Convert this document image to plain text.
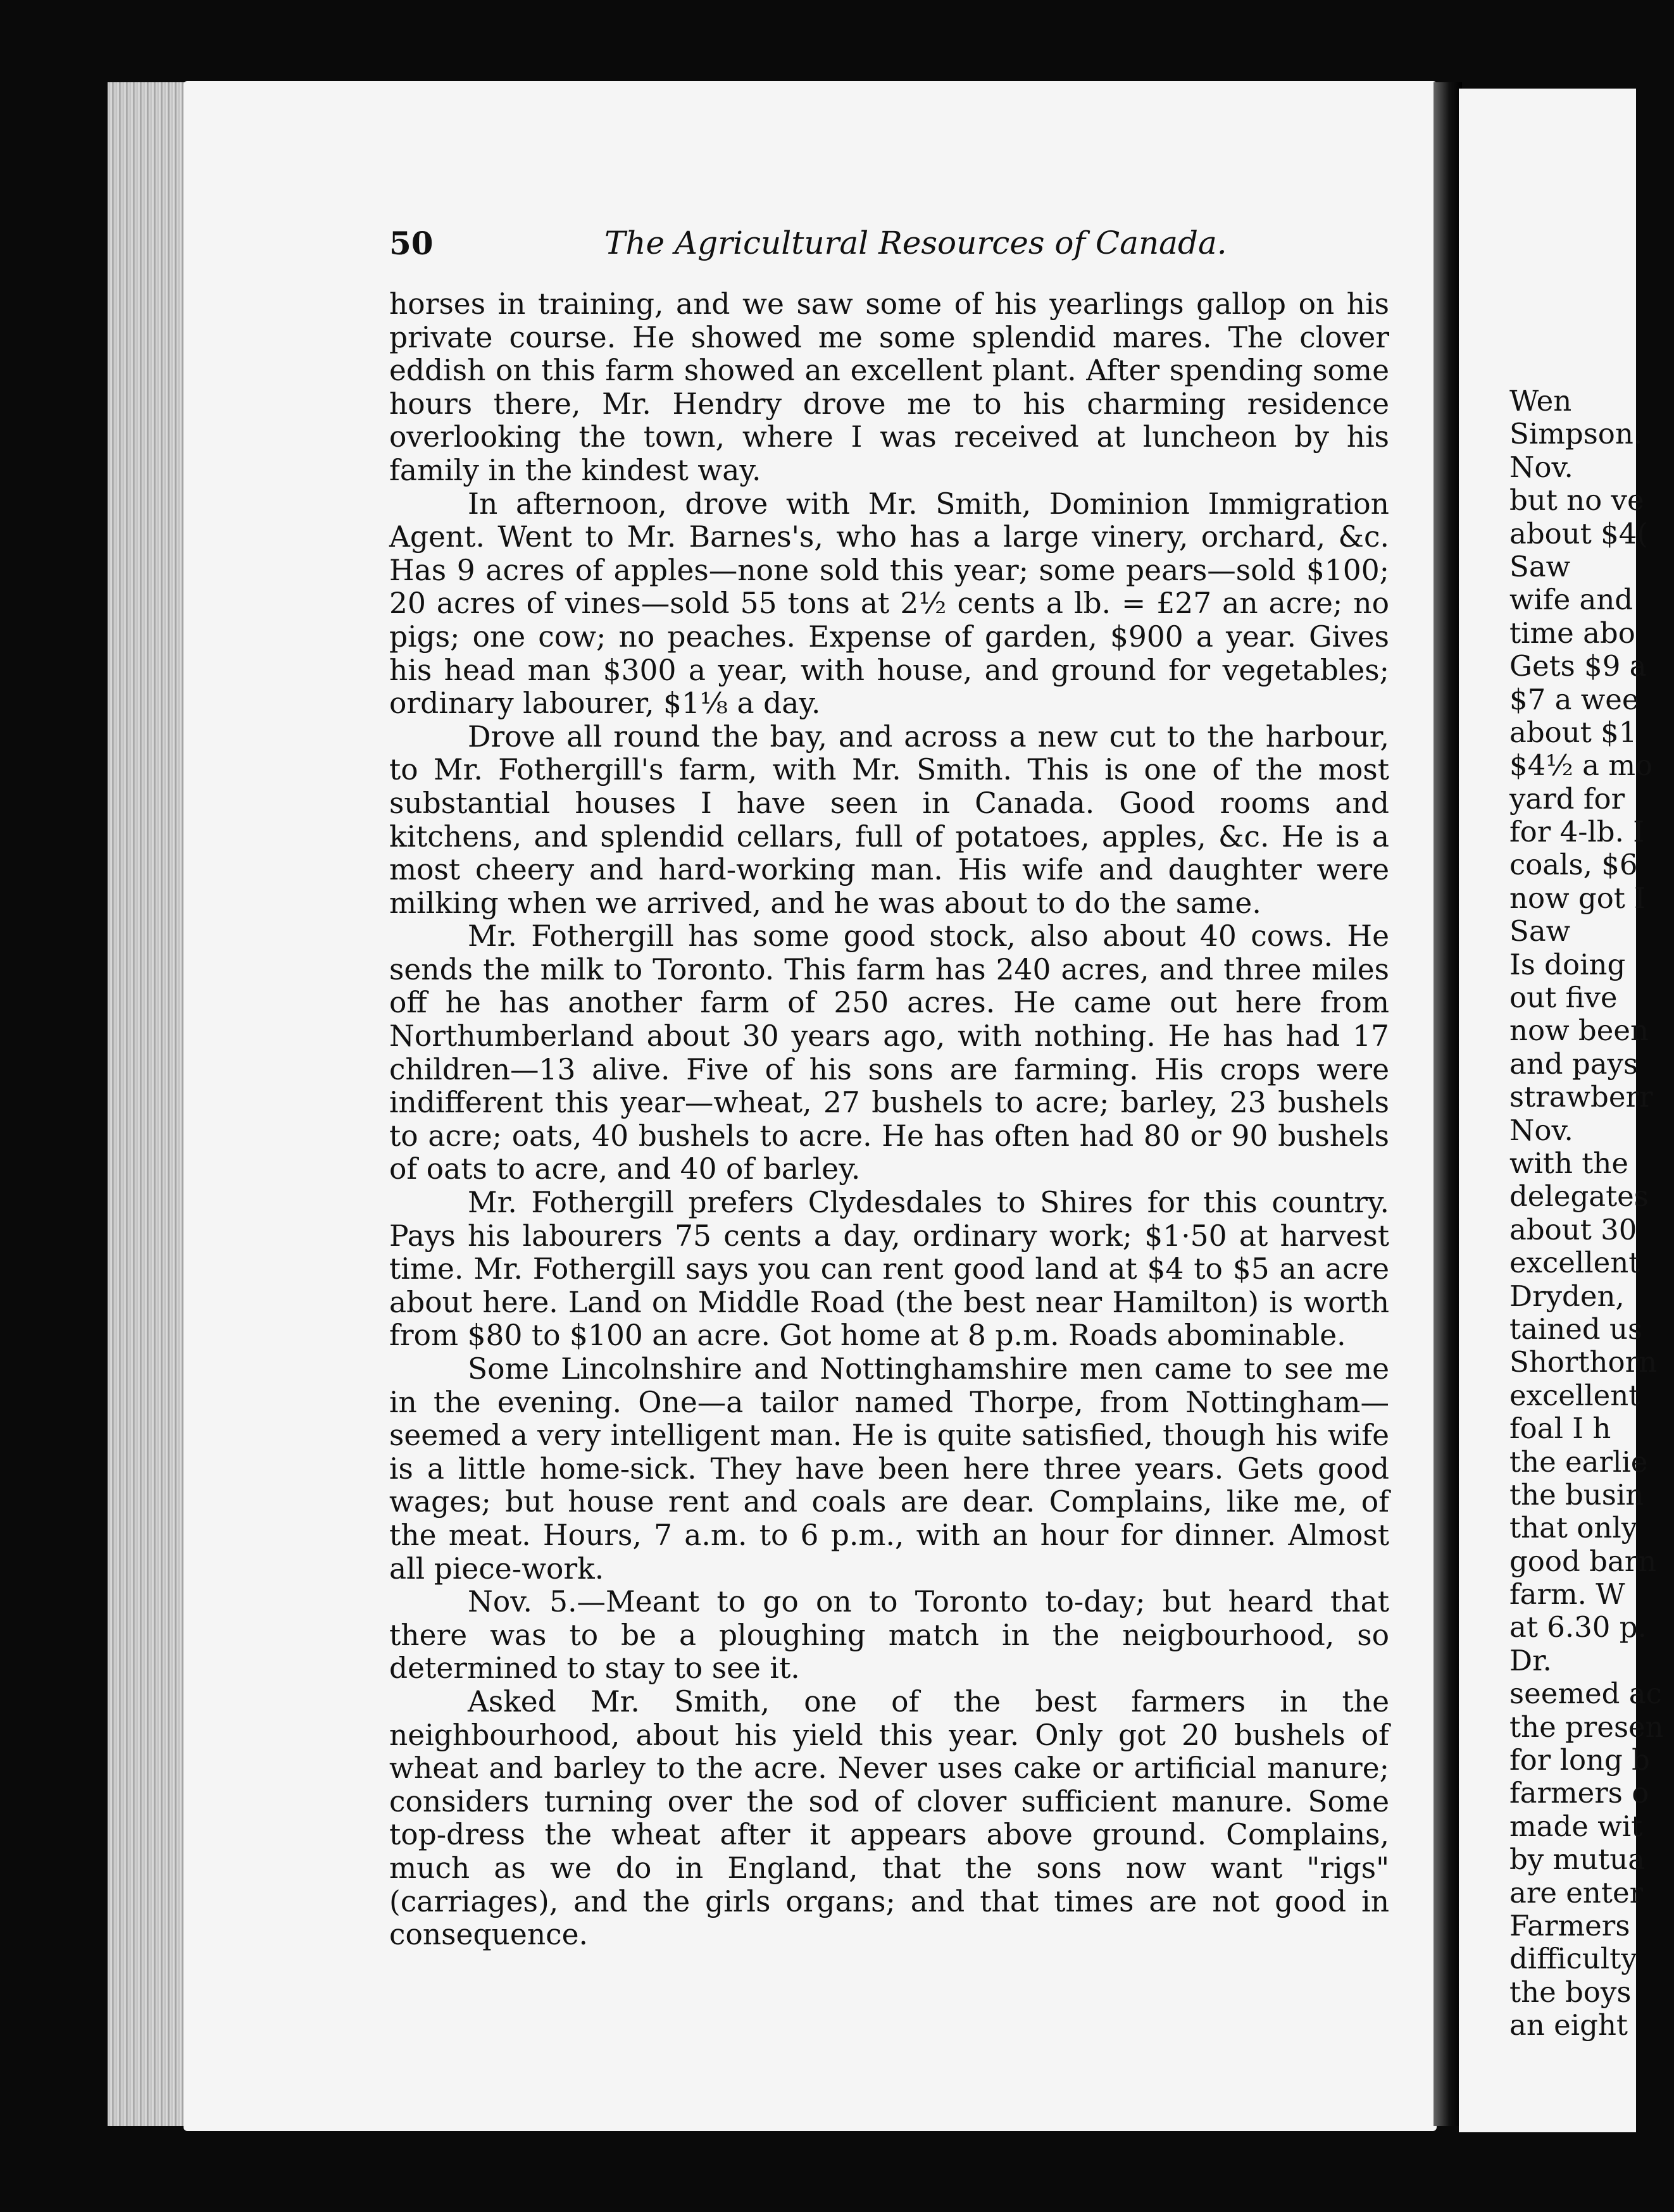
50	The Agricultural Resources of Canada.

horses in training, and we saw some of his yearlings gallop on his private course. He showed me some splendid mares. The clover eddish on this farm showed an excellent plant. After spending some hours there, Mr. Hendry drove me to his charming residence overlooking the town, where I was received at luncheon by his family in the kindest way.

In afternoon, drove with Mr. Smith, Dominion Immigration Agent. Went to Mr. Barnes's, who has a large vinery, orchard, &c. Has 9 acres of apples—none sold this year; some pears—sold $100; 20 acres of vines—sold 55 tons at 2½ cents a lb. = £27 an acre; no pigs; one cow; no peaches. Expense of garden, $900 a year. Gives his head man $300 a year, with house, and ground for vegetables; ordinary labourer, $1⅛ a day.

Drove all round the bay, and across a new cut to the harbour, to Mr. Fothergill's farm, with Mr. Smith. This is one of the most substantial houses I have seen in Canada. Good rooms and kitchens, and splendid cellars, full of potatoes, apples, &c. He is a most cheery and hard-working man. His wife and daughter were milking when we arrived, and he was about to do the same.

Mr. Fothergill has some good stock, also about 40 cows. He sends the milk to Toronto. This farm has 240 acres, and three miles off he has another farm of 250 acres. He came out here from Northumberland about 30 years ago, with nothing. He has had 17 children—13 alive. Five of his sons are farming. His crops were indifferent this year—wheat, 27 bushels to acre; barley, 23 bushels to acre; oats, 40 bushels to acre. He has often had 80 or 90 bushels of oats to acre, and 40 of barley.

Mr. Fothergill prefers Clydesdales to Shires for this country. Pays his labourers 75 cents a day, ordinary work; $1·50 at harvest time. Mr. Fothergill says you can rent good land at $4 to $5 an acre about here. Land on Middle Road (the best near Hamilton) is worth from $80 to $100 an acre. Got home at 8 p.m. Roads abominable.

Some Lincolnshire and Nottinghamshire men came to see me in the evening. One—a tailor named Thorpe, from Nottingham—seemed a very intelligent man. He is quite satisfied, though his wife is a little home-sick. They have been here three years. Gets good wages; but house rent and coals are dear. Complains, like me, of the meat. Hours, 7 a.m. to 6 p.m., with an hour for dinner. Almost all piece-work.

Nov. 5.—Meant to go on to Toronto to-day; but heard that there was to be a ploughing match in the neigbourhood, so determined to stay to see it.

Asked Mr. Smith, one of the best farmers in the neighbourhood, about his yield this year. Only got 20 bushels of wheat and barley to the acre. Never uses cake or artificial manure; considers turning over the sod of clover sufficient manure. Some top-dress the wheat after it appears above ground. Complains, much as we do in England, that the sons now want "rigs" (carriages), and the girls organs; and that times are not good in consequence.

Wen
Simpson.
Nov.
but no ve
about $4(
Saw
wife and
time abo
Gets $9 a
$7 a wee
about $1
$4½ a mo
yard for
for 4-lb. I
coals, $6
now got I
Saw
Is doing
out five
now been
and pays
strawberr
Nov.
with the
delegates
about 30
excellent
Dryden,
tained us
Shorthorn
excellent
foal I h
the earlie
the busin
that only
good barn
farm. W
at 6.30 p.
Dr.
seemed ac
the presen
for long b
farmers o
made wit
by mutua
are enter
Farmers
difficulty
the boys
an eight
